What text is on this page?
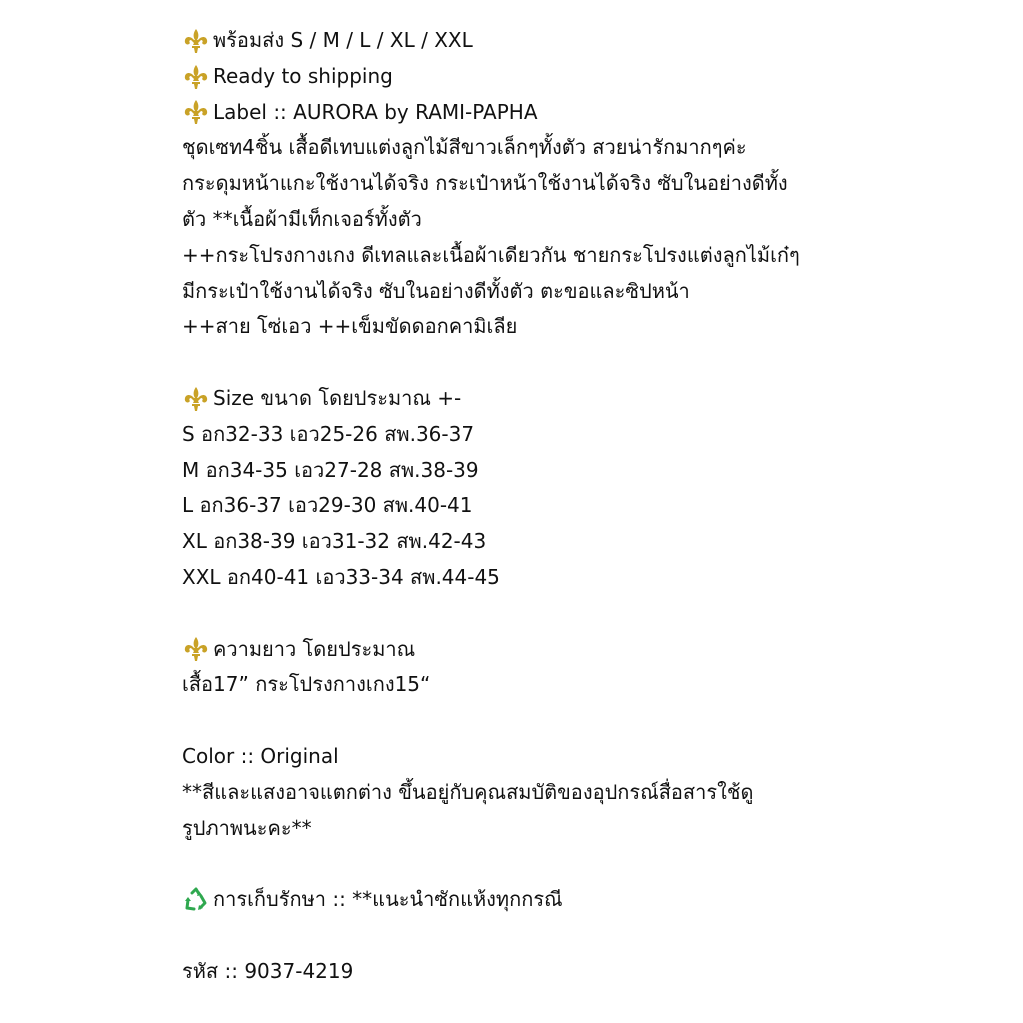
พร้อมส่ง S / M / L / XL / XXL
Ready to shipping
Label :: AURORA by RAMI-PAPHA
ชุดเซท4ชิ้น เสื้อดีเทบแต่งลูกไม้สีขาวเล็กๆทั้งตัว สวยน่ารักมากๆค่ะ
กระดุมหน้าแกะใช้งานได้จริง กระเป๋าหน้าใช้งานได้จริง ซับในอย่างดีทั้ง
ตัว **เนื้อผ้ามีเท็กเจอร์ทั้งตัว
++กระโปรงกางเกง ดีเทลและเนื้อผ้าเดียวกัน ชายกระโปรงแต่งลูกไม้เก๋ๆ
มีกระเป๋าใช้งานได้จริง ซับในอย่างดีทั้งตัว ตะขอและซิปหน้า
++สาย โซ่เอว ++เข็มขัดดอกคามิเลีย
Size ขนาด โดยประมาณ +-
S อก32-33 เอว25-26 สพ.36-37
M อก34-35 เอว27-28 สพ.38-39
L อก36-37 เอว29-30 สพ.40-41
XL อก38-39 เอว31-32 สพ.42-43
XXL อก40-41 เอว33-34 สพ.44-45
ความยาว โดยประมาณ
เสื้อ17” กระโปรงกางเกง15“
Color :: Original
**สีและแสงอาจแตกต่าง ขึ้นอยู่กับคุณสมบัติของอุปกรณ์สื่อสารใช้ดู
รูปภาพนะคะ**
การเก็บรักษา :: **แนะนำซักแห้งทุกกรณี
รหัส :: 9037-4219
